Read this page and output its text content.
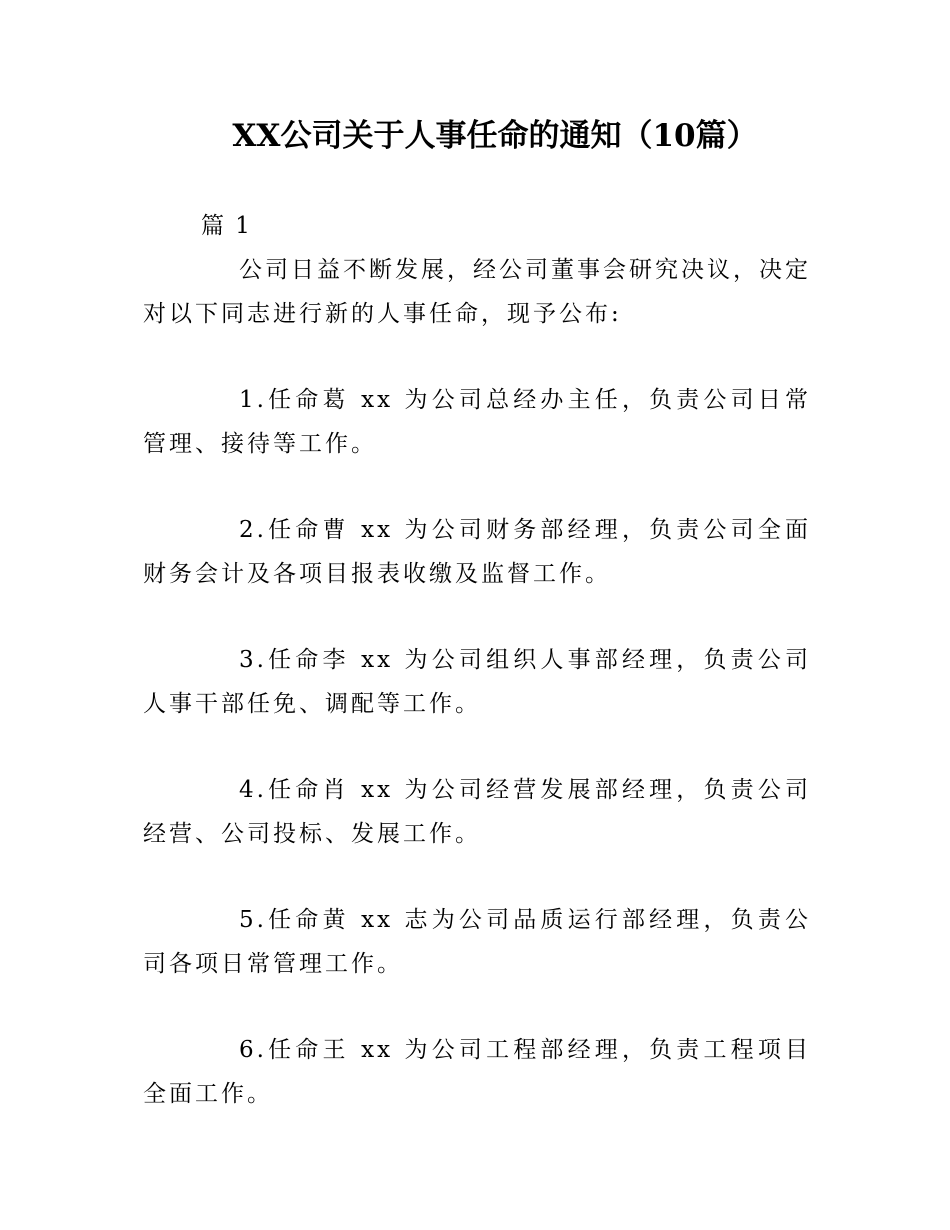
XX公司关于人事任命的通知（10篇）
篇 1
公司日益不断发展，经公司董事会研究决议，决定对以下同志进行新的人事任命，现予公布:
1.任命葛 xx 为公司总经办主任，负责公司日常管理、接待等工作。
2.任命曹 xx 为公司财务部经理，负责公司全面财务会计及各项目报表收缴及监督工作。
3.任命李 xx 为公司组织人事部经理，负责公司人事干部任免、调配等工作。
4.任命肖 xx 为公司经营发展部经理，负责公司经营、公司投标、发展工作。
5.任命黄 xx 志为公司品质运行部经理，负责公司各项日常管理工作。
6.任命王 xx 为公司工程部经理，负责工程项目全面工作。
